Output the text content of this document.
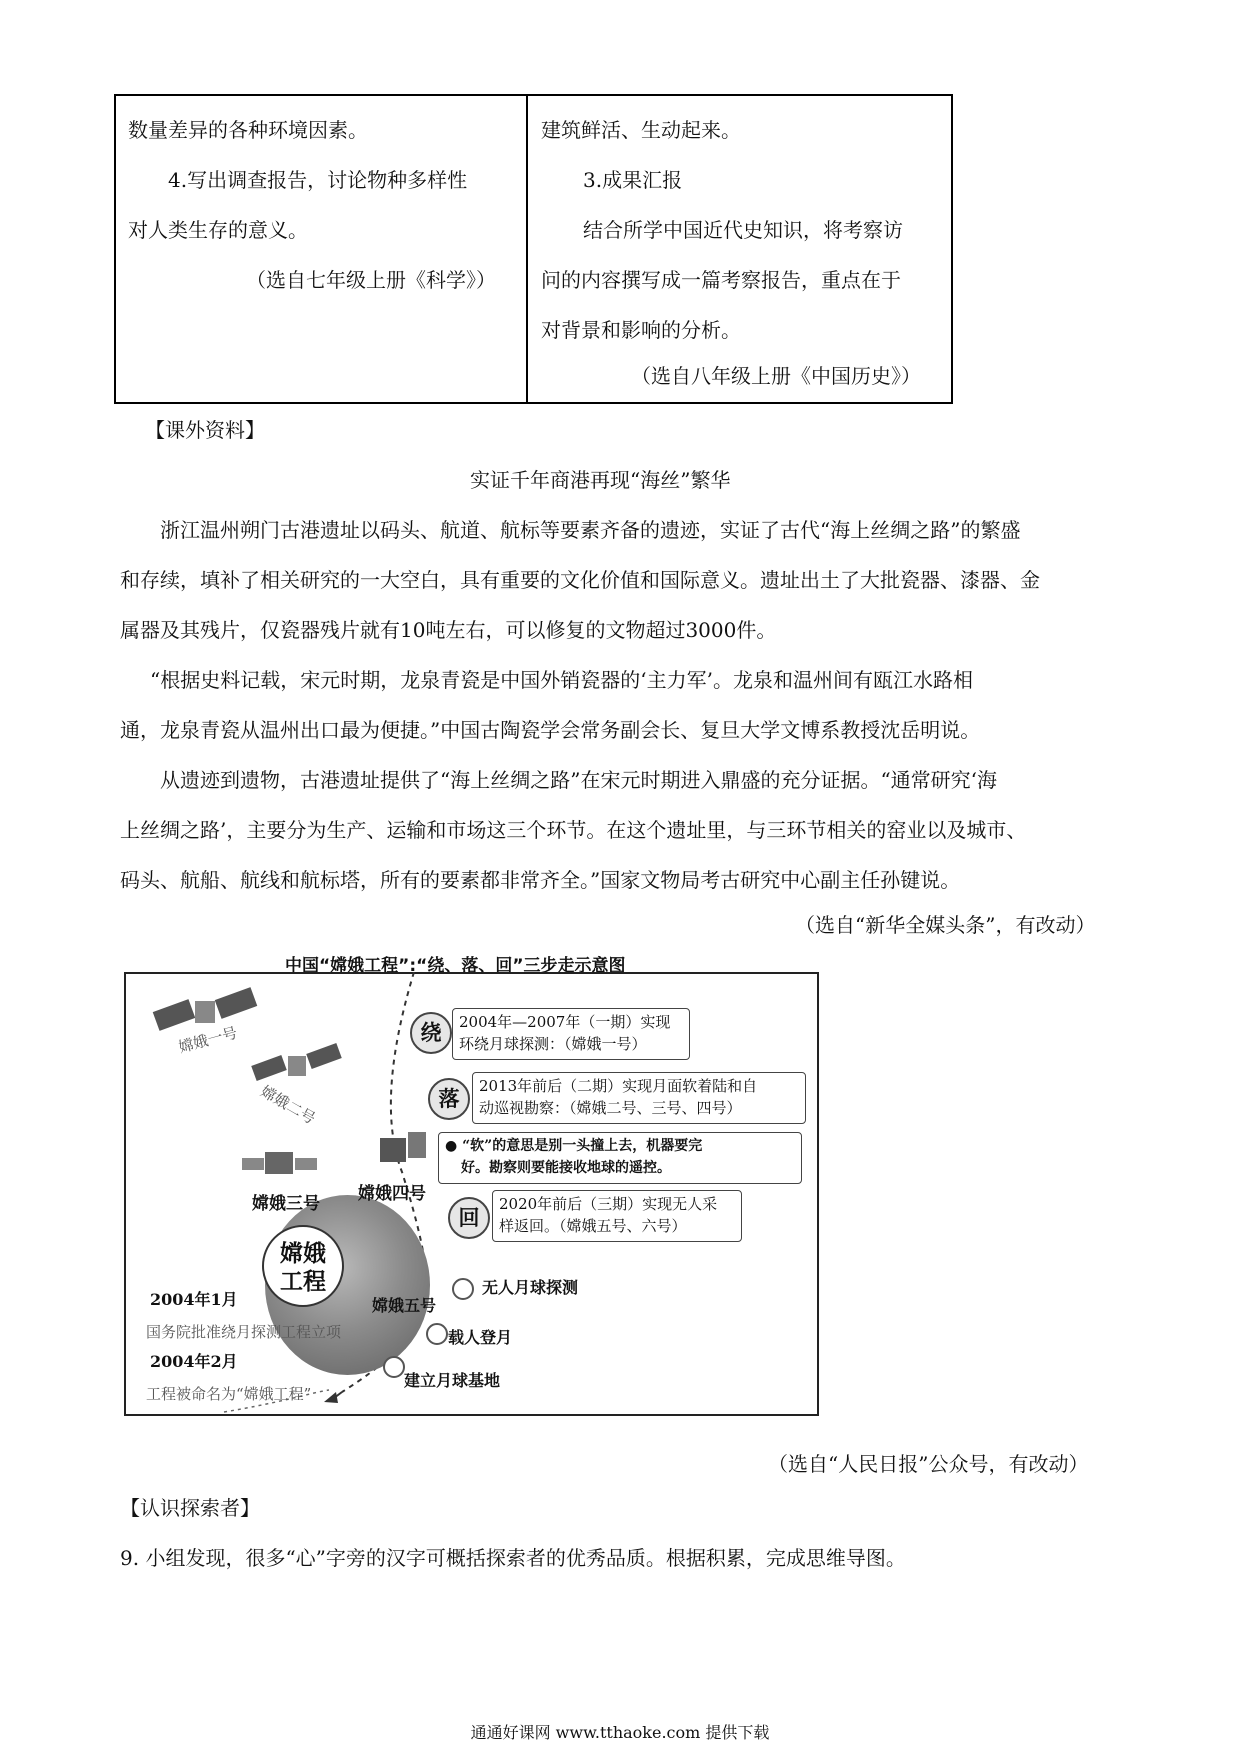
数量差异的各种环境因素。
4.写出调查报告，讨论物种多样性
对人类生存的意义。
（选自七年级上册《科学》）
建筑鲜活、生动起来。
3.成果汇报
结合所学中国近代史知识，将考察访
问的内容撰写成一篇考察报告，重点在于
对背景和影响的分析。
（选自八年级上册《中国历史》）
【课外资料】
实证千年商港再现“海丝”繁华
浙江温州朔门古港遗址以码头、航道、航标等要素齐备的遗迹，实证了古代“海上丝绸之路”的繁盛
和存续，填补了相关研究的一大空白，具有重要的文化价值和国际意义。遗址出土了大批瓷器、漆器、金
属器及其残片，仅瓷器残片就有10吨左右，可以修复的文物超过3000件。
“根据史料记载，宋元时期，龙泉青瓷是中国外销瓷器的‘主力军’。龙泉和温州间有瓯江水路相
通，龙泉青瓷从温州出口最为便捷。”中国古陶瓷学会常务副会长、复旦大学文博系教授沈岳明说。
从遗迹到遗物，古港遗址提供了“海上丝绸之路”在宋元时期进入鼎盛的充分证据。“通常研究‘海
上丝绸之路’，主要分为生产、运输和市场这三个环节。在这个遗址里，与三环节相关的窑业以及城市、
码头、航船、航线和航标塔，所有的要素都非常齐全。”国家文物局考古研究中心副主任孙键说。
（选自“新华全媒头条”，有改动）
中国“嫦娥工程”:“绕、落、回”三步走示意图
嫦娥一号
嫦娥二号
嫦娥三号 嫦娥四号
嫦娥五号
嫦娥
工程
绕	2004年—2007年（一期）实现
环绕月球探测：（嫦娥一号）
落
2013年前后（二期）实现月面软着陆和自
动巡视勘察：（嫦娥二号、三号、四号）
● “软”的意思是别一头撞上去，机器要完
好。勘察则要能接收地球的遥控。
回
2020年前后（三期）实现无人采
样返回。（嫦娥五号、六号）
无人月球探测
载人登月
建立月球基地
2004年1月
国务院批准绕月探测工程立项
2004年2月
工程被命名为“嫦娥工程”
（选自“人民日报”公众号，有改动）
【认识探索者】
9. 小组发现，很多“心”字旁的汉字可概括探索者的优秀品质。根据积累，完成思维导图。
通通好课网 www.tthaoke.com 提供下载
